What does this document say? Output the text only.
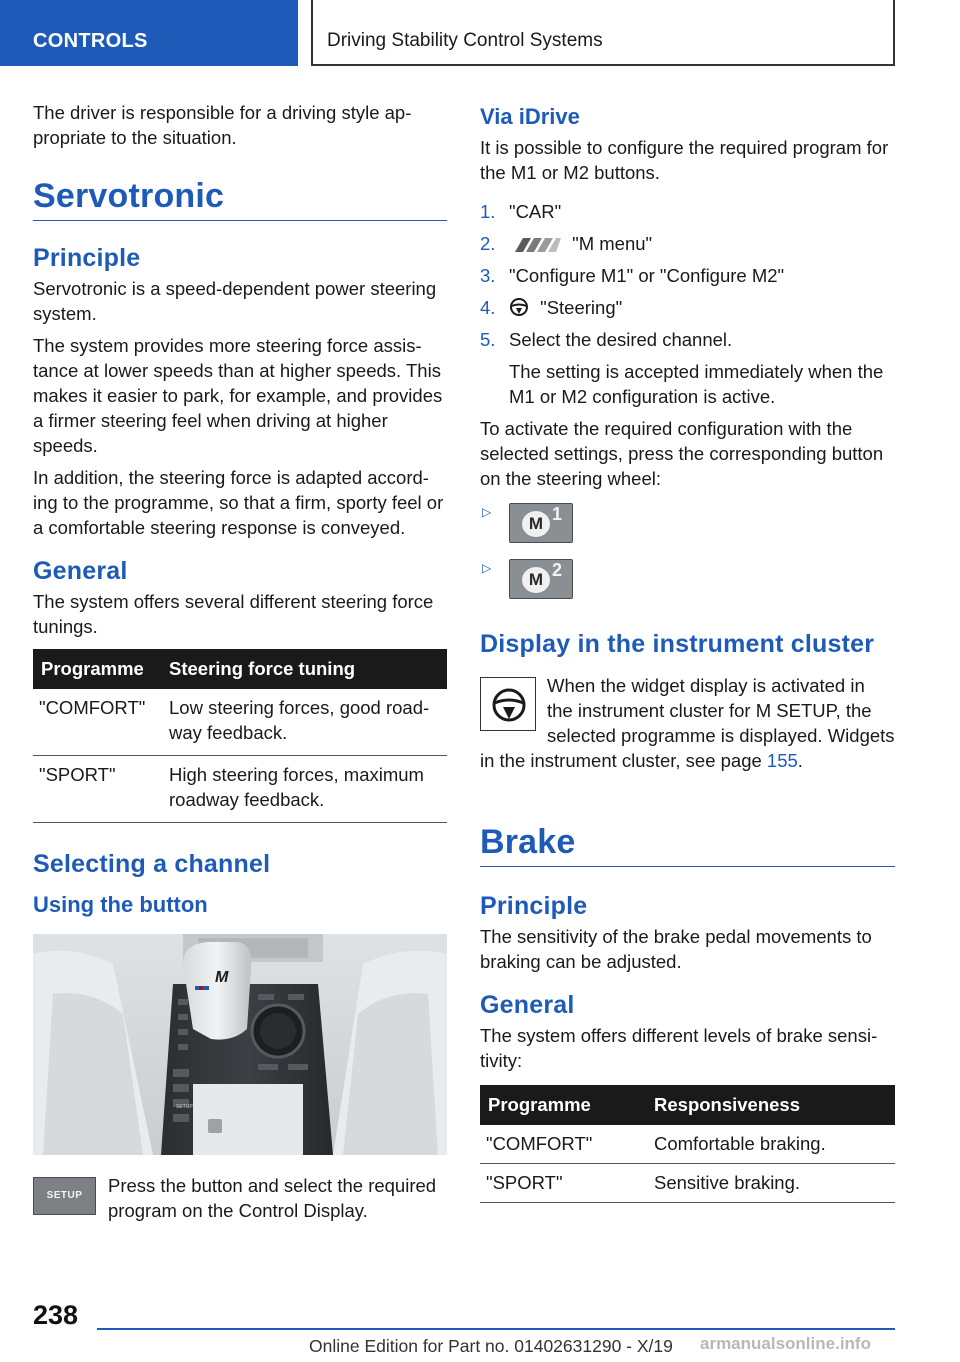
CONTROLS	Driving Stability Control Systems

The driver is responsible for a driving style appropriate to the situation.

Servotronic
Principle

Servotronic is a speed-dependent power steering system.

The system provides more steering force assistance at lower speeds than at higher speeds. This makes it easier to park, for example, and provides a firmer steering feel when driving at higher speeds.

In addition, the steering force is adapted according to the programme, so that a firm, sporty feel or a comfortable steering response is conveyed.

General

The system offers several different steering force tunings.

Programme	Steering force tuning
"COMFORT"	Low steering forces, good roadway feedback.
"SPORT"	High steering forces, maximum roadway feedback.
Selecting a channel
Using the button
M
SETUP
SETUP	Press the button and select the required program on the Control Display.

Via iDrive

It is possible to configure the required program for the M1 or M2 buttons.

1. "CAR"
2.	"M menu"
3. "Configure M1" or "Configure M2"
4. "Steering"
5. Select the desired channel.
The setting is accepted immediately when the M1 or M2 configuration is active.

To activate the required configuration with the selected settings, press the corresponding button on the steering wheel:

▷
M 1
▷
M 2
Display in the instrument cluster
When the widget display is activated in the instrument cluster for M SETUP, the selected programme is displayed. Widgets in the instrument cluster, see page 155.
Brake
Principle

The sensitivity of the brake pedal movements to braking can be adjusted.

General

The system offers different levels of brake sensitivity:

Programme	Responsiveness
"COMFORT"	Comfortable braking.
"SPORT"	Sensitive braking.
238
Online Edition for Part no. 01402631290 - X/19 armanualsonline.info
